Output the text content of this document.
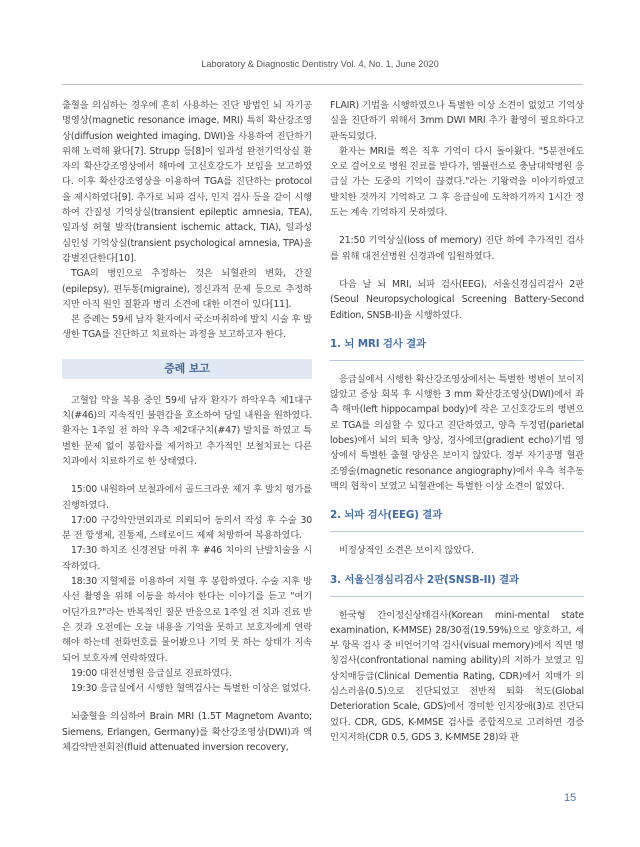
Laboratory & Diagnostic Dentistry Vol. 4, No. 1, June 2020

출혈을 의심하는 경우에 흔히 사용하는 진단 방법인 뇌 자기공명영상(magnetic resonance image, MRI) 특히 확산강조영상(diffusion weighted imaging, DWI)을 사용하여 진단하기 위해 노력해 왔다[7]. Strupp 등[8]이 일과성 완전기억상실 환자의 확산강조영상에서 해마에 고신호강도가 보임을 보고하였다. 이후 확산강조영상을 이용하여 TGA를 진단하는 protocol을 제시하였다[9]. 추가로 뇌파 검사, 인지 검사 등을 같이 시행하여 간질성 기억상실(transient epileptic amnesia, TEA), 일과성 허혈 발작(transient ischemic attack, TIA), 일과성 심인성 기억상실(transient psychological amnesia, TPA)을 감별진단한다[10].

TGA의 병인으로 추정하는 것은 뇌혈관의 변화, 간질(epilepsy), 편두통(migraine), 정신과적 문제 등으로 추정하지만 아직 원인 질환과 병리 소견에 대한 이견이 있다[11].

본 증례는 59세 남자 환자에서 국소마취하에 발치 시술 후 발생한 TGA를 진단하고 치료하는 과정을 보고하고자 한다.

증례 보고

고혈압 약을 복용 중인 59세 남자 환자가 하악우측 제1대구치(#46)의 지속적인 불편감을 호소하여 당일 내원을 원하였다. 환자는 1주일 전 하악 우측 제2대구치(#47) 발치를 하였고 특별한 문제 없이 봉합사를 제거하고 추가적인 보철치료는 다른 치과에서 치료하기로 한 상태였다.

15:00 내원하여 보철과에서 골드크라운 제거 후 발치 평가를 진행하였다.

17:00 구강악안면외과로 의뢰되어 동의서 작성 후 수술 30분 전 항생제, 진통제, 스테로이드 제제 처방하여 복용하였다.

17:30 하치조 신경전달 마취 후 #46 치아의 난발치술을 시작하였다.

18:30 지혈제를 이용하여 지혈 후 봉합하였다. 수술 지후 방사선 촬영을 위해 이동을 하셔야 한다는 이야기를 듣고 "여기 어딘가요?"라는 반복적인 질문 반응으로 1주일 전 치과 진료 받은 것과 오전에는 오늘 내용을 기억을 못하고 보호자에게 연락해야 하는데 전화번호를 물어봤으나 기억 못 하는 상태가 지속되어 보호자께 연락하였다.

19:00 대전선병원 응급실로 진료하였다.

19:30 응급실에서 시행한 혈액검사는 특별한 이상은 없었다.

뇌출혈을 의심하여 Brain MRI (1.5T Magnetom Avanto; Siemens, Erlangen, Germany)를 확산강조영상(DWI)과 액체감약반전회전(fluid attenuated inversion recovery,

FLAIR) 기법을 시행하였으나 특별한 이상 소견이 없었고 기억상실을 진단하기 위해서 3mm DWI MRI 추가 촬영이 필요하다고 판독되었다.

환자는 MRI를 찍은 직후 기억이 다시 돌아왔다. "5분전에도 오로 걸어오로 병원 진료를 받다가, 엠뷸런스로 충남대학병원 응급실 가는 도중의 기억이 끊겼다."라는 기왕력을 이야기하였고 발치한 것까지 기억하고 그 후 응급실에 도착하기까지 1시간 정도는 계속 기억하지 못하였다.

21:50 기억상실(loss of memory) 진단 하에 추가적인 검사를 위해 대전선병원 신경과에 입원하였다.

다음 날 뇌 MRI, 뇌파 검사(EEG), 서울신경심리검사 2판(Seoul Neuropsychological Screening Battery-Second Edition, SNSB-II)을 시행하였다.

1. 뇌 MRI 검사 결과

응급실에서 시행한 확산강조영상에서는 특별한 병변이 보이지 않았고 증상 회복 후 시행한 3 mm 확산강조영상(DWI)에서 좌측 해마(left hippocampal body)에 작은 고신호강도의 병변으로 TGA를 의심할 수 있다고 진단하였고, 양측 두정엽(parietal lobes)에서 뇌의 퇴축 양상, 경사에코(gradient echo)기법 영상에서 특별한 출혈 양상은 보이지 않았다. 경부 자기공명 혈관조영술(magnetic resonance angiography)에서 우측 척추동맥의 협착이 보였고 뇌혈관에는 특별한 이상 소견이 없었다.

2. 뇌파 검사(EEG) 결과

비정상적인 소견은 보이지 않았다.

3. 서울신경심리검사 2판(SNSB-II) 결과

한국형 간이정신상태검사(Korean mini-mental state examination, K-MMSE) 28/30점(19.59%)으로 양호하고, 세부 항목 검사 중 비언어기억 검사(visual memory)에서 직면 명칭검사(confrontational naming ability)의 저하가 보였고 임상치매등급(Clinical Dementia Rating, CDR)에서 치매가 의심스러움(0.5)으로 진단되었고 전반적 퇴화 척도(Global Deterioration Scale, GDS)에서 경미한 인지장애(3)로 진단되었다. CDR, GDS, K-MMSE 검사를 종합적으로 고려하면 경증 인지저하(CDR 0.5, GDS 3, K-MMSE 28)와 관

15
